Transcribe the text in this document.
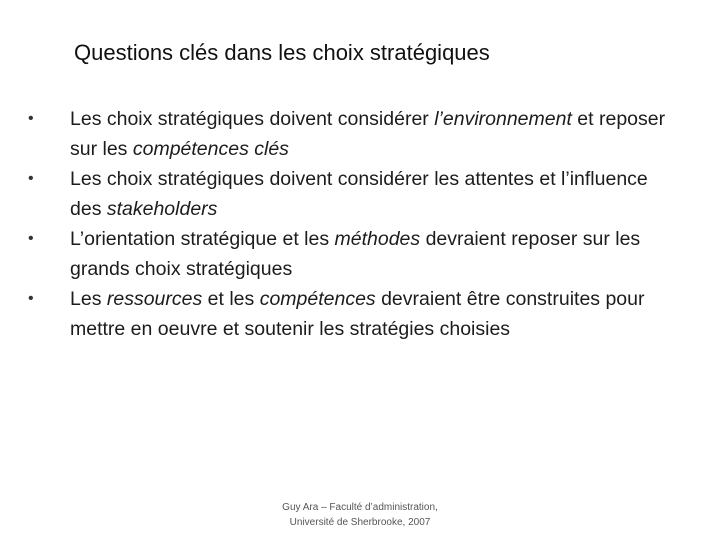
Questions clés dans les choix stratégiques
•	Les choix stratégiques doivent considérer l’environnement et reposer sur les compétences clés
•	Les choix stratégiques doivent considérer les attentes et l’influence des stakeholders
•	L’orientation stratégique et les méthodes devraient reposer sur les grands choix stratégiques
•	Les ressources et les compétences devraient être construites pour mettre en oeuvre et soutenir les stratégies choisies
Guy Ara – Faculté d’administration,
Université de Sherbrooke, 2007
